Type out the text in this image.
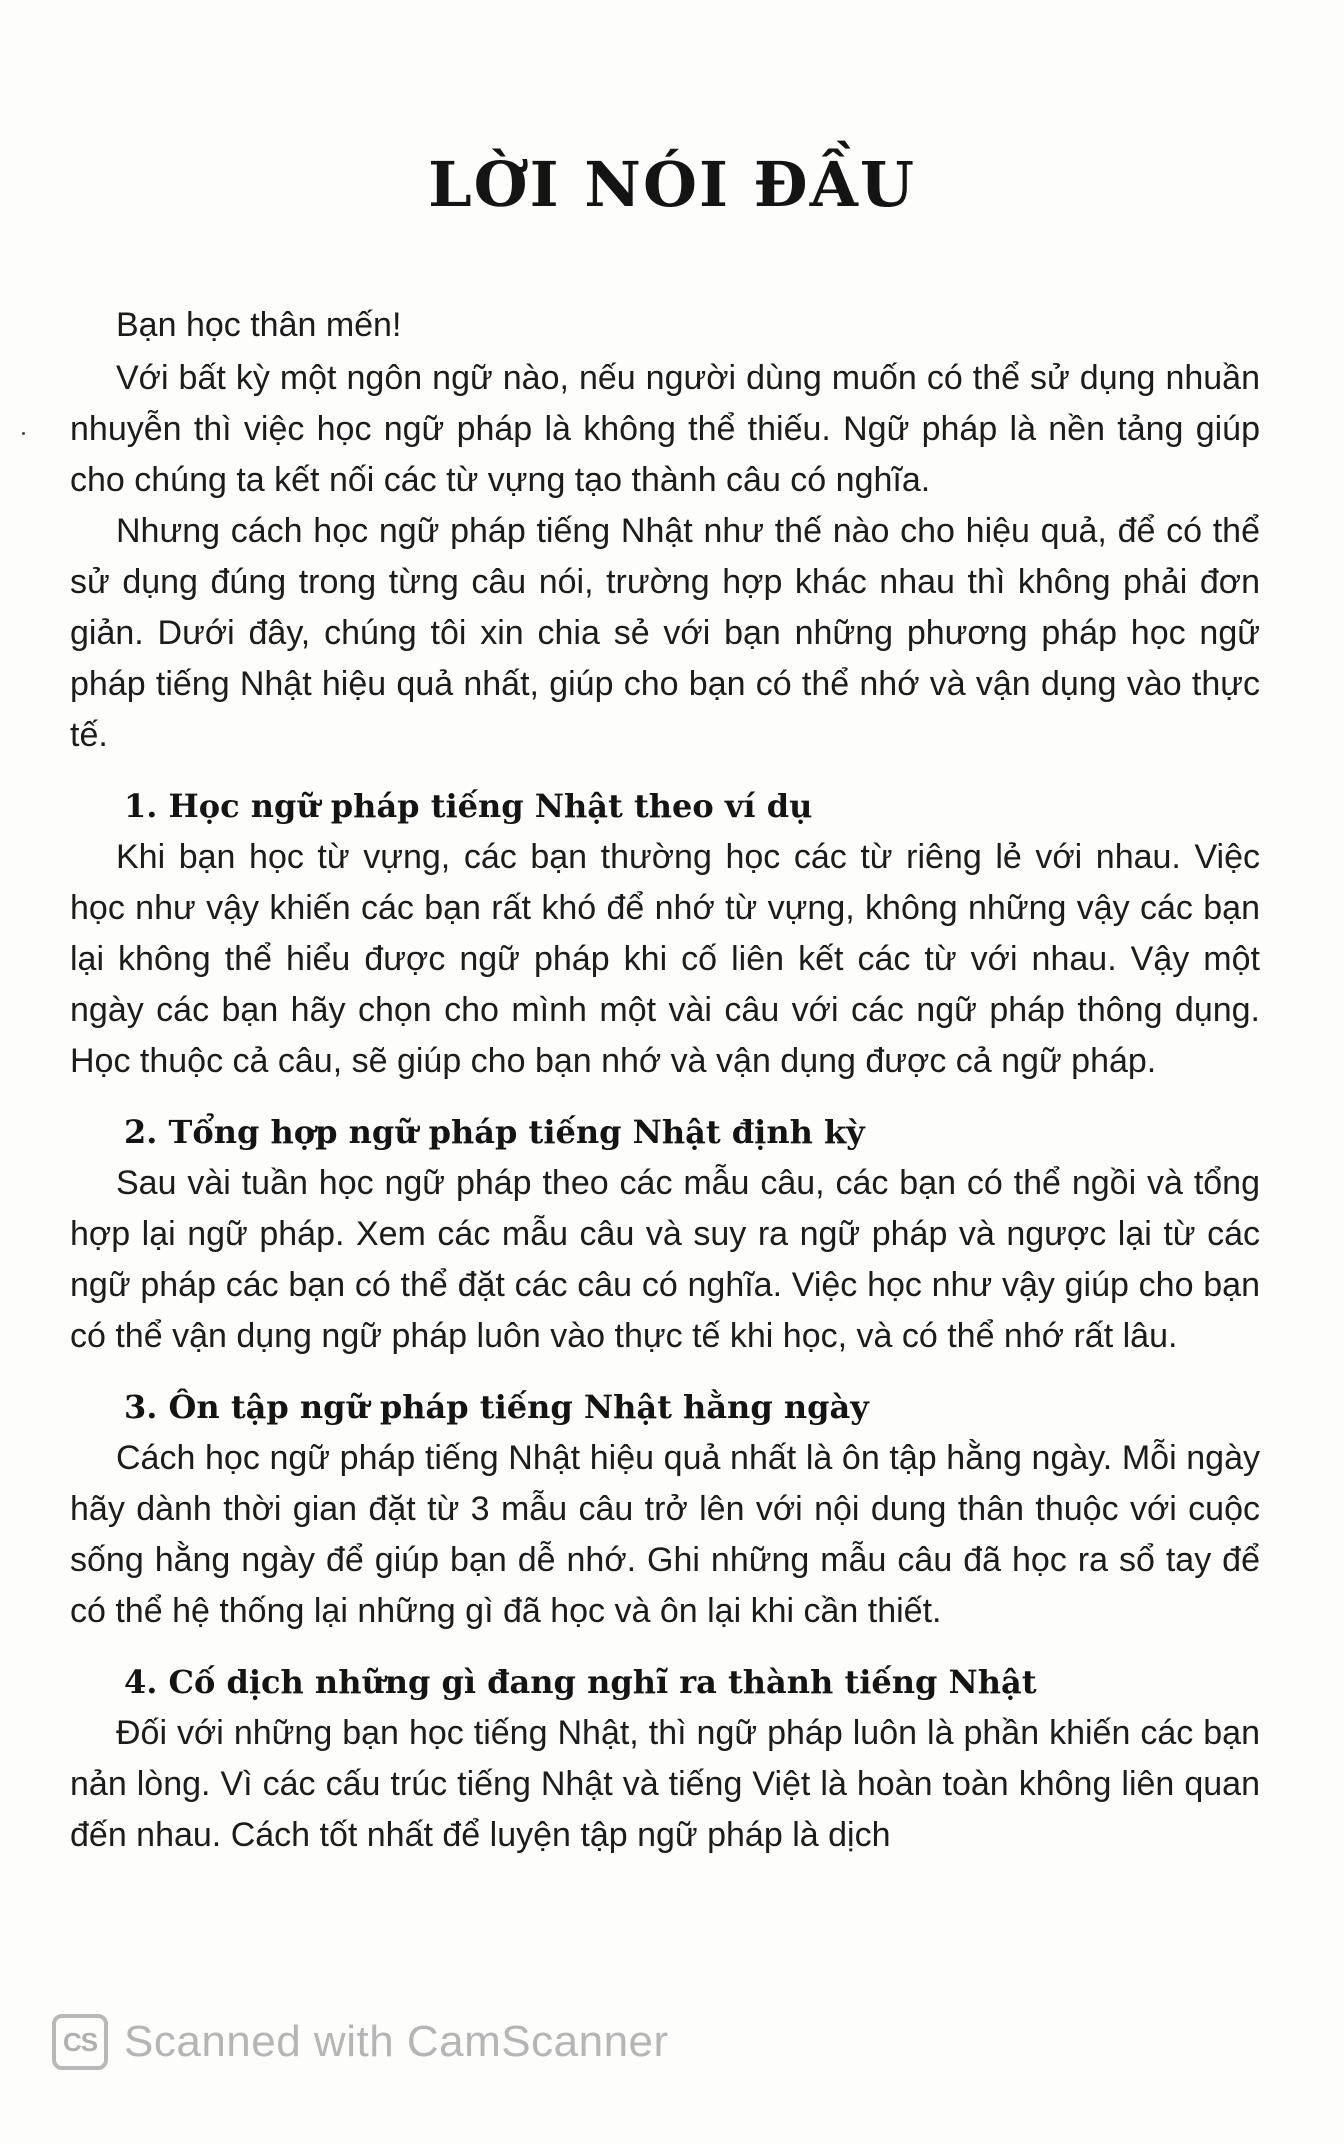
LỜI NÓI ĐẦU

Bạn học thân mến!

Với bất kỳ một ngôn ngữ nào, nếu người dùng muốn có thể sử dụng nhuần nhuyễn thì việc học ngữ pháp là không thể thiếu. Ngữ pháp là nền tảng giúp cho chúng ta kết nối các từ vựng tạo thành câu có nghĩa.

Nhưng cách học ngữ pháp tiếng Nhật như thế nào cho hiệu quả, để có thể sử dụng đúng trong từng câu nói, trường hợp khác nhau thì không phải đơn giản. Dưới đây, chúng tôi xin chia sẻ với bạn những phương pháp học ngữ pháp tiếng Nhật hiệu quả nhất, giúp cho bạn có thể nhớ và vận dụng vào thực tế.

1. Học ngữ pháp tiếng Nhật theo ví dụ

Khi bạn học từ vựng, các bạn thường học các từ riêng lẻ với nhau. Việc học như vậy khiến các bạn rất khó để nhớ từ vựng, không những vậy các bạn lại không thể hiểu được ngữ pháp khi cố liên kết các từ với nhau. Vậy một ngày các bạn hãy chọn cho mình một vài câu với các ngữ pháp thông dụng. Học thuộc cả câu, sẽ giúp cho bạn nhớ và vận dụng được cả ngữ pháp.

2. Tổng hợp ngữ pháp tiếng Nhật định kỳ

Sau vài tuần học ngữ pháp theo các mẫu câu, các bạn có thể ngồi và tổng hợp lại ngữ pháp. Xem các mẫu câu và suy ra ngữ pháp và ngược lại từ các ngữ pháp các bạn có thể đặt các câu có nghĩa. Việc học như vậy giúp cho bạn có thể vận dụng ngữ pháp luôn vào thực tế khi học, và có thể nhớ rất lâu.

3. Ôn tập ngữ pháp tiếng Nhật hằng ngày

Cách học ngữ pháp tiếng Nhật hiệu quả nhất là ôn tập hằng ngày. Mỗi ngày hãy dành thời gian đặt từ 3 mẫu câu trở lên với nội dung thân thuộc với cuộc sống hằng ngày để giúp bạn dễ nhớ. Ghi những mẫu câu đã học ra sổ tay để có thể hệ thống lại những gì đã học và ôn lại khi cần thiết.

4. Cố dịch những gì đang nghĩ ra thành tiếng Nhật

Đối với những bạn học tiếng Nhật, thì ngữ pháp luôn là phần khiến các bạn nản lòng. Vì các cấu trúc tiếng Nhật và tiếng Việt là hoàn toàn không liên quan đến nhau. Cách tốt nhất để luyện tập ngữ pháp là dịch

CS Scanned with CamScanner
